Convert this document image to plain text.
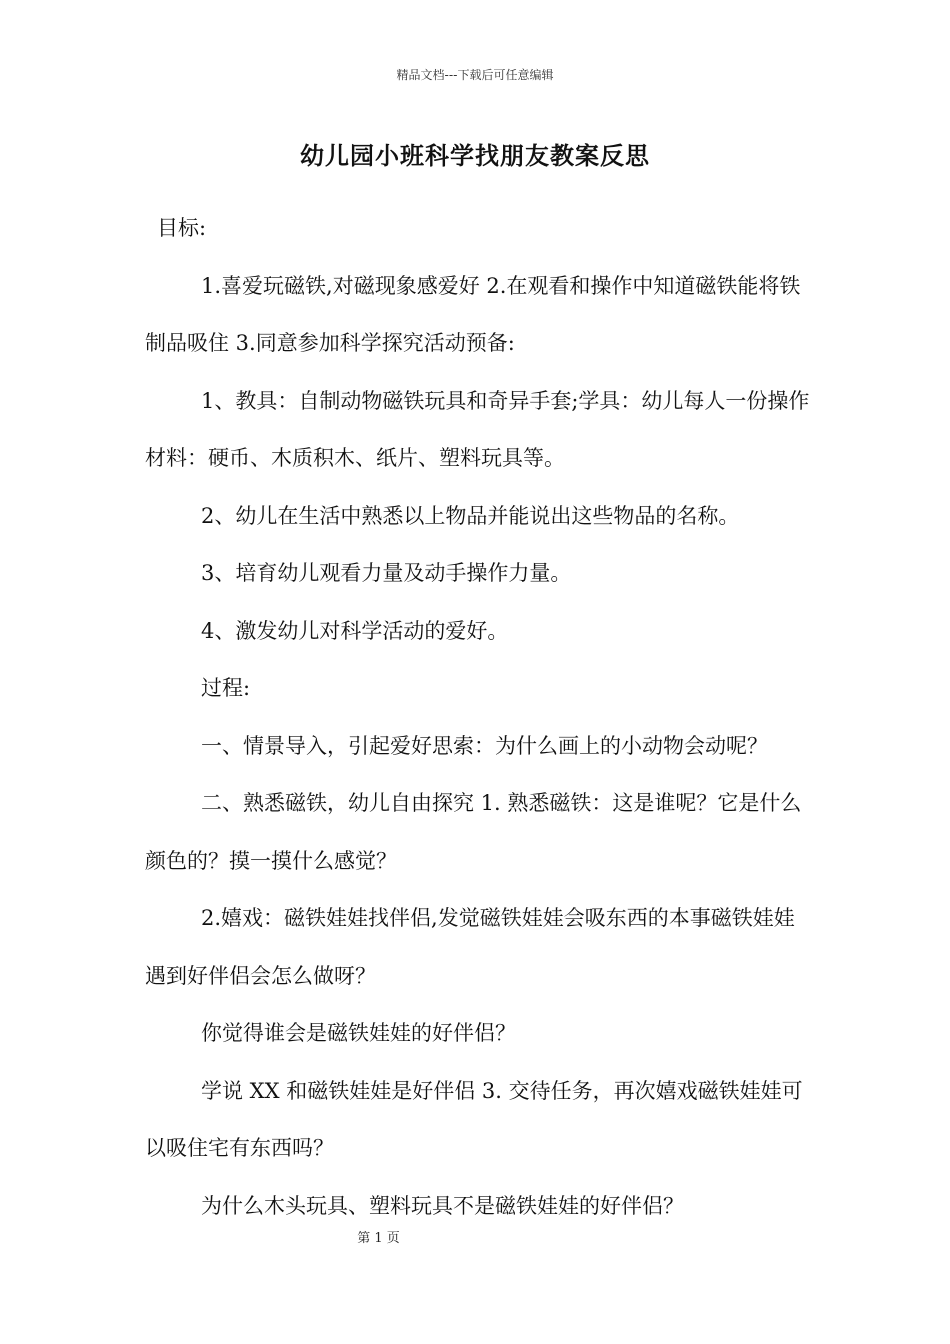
精品文档---下载后可任意编辑
幼儿园小班科学找朋友教案反思

目标:

1.喜爱玩磁铁,对磁现象感爱好 2.在观看和操作中知道磁铁能将铁制品吸住 3.同意参加科学探究活动预备:

1、教具：自制动物磁铁玩具和奇异手套;学具：幼儿每人一份操作材料：硬币、木质积木、纸片、塑料玩具等。

2、幼儿在生活中熟悉以上物品并能说出这些物品的名称。

3、培育幼儿观看力量及动手操作力量。

4、激发幼儿对科学活动的爱好。

过程:

一、情景导入，引起爱好思索：为什么画上的小动物会动呢？

二、熟悉磁铁，幼儿自由探究 1. 熟悉磁铁：这是谁呢？它是什么颜色的？摸一摸什么感觉？

2.嬉戏：磁铁娃娃找伴侣,发觉磁铁娃娃会吸东西的本事磁铁娃娃遇到好伴侣会怎么做呀？

你觉得谁会是磁铁娃娃的好伴侣？

学说 XX 和磁铁娃娃是好伴侣 3. 交待任务，再次嬉戏磁铁娃娃可以吸住宅有东西吗？

为什么木头玩具、塑料玩具不是磁铁娃娃的好伴侣？

第 1 页
